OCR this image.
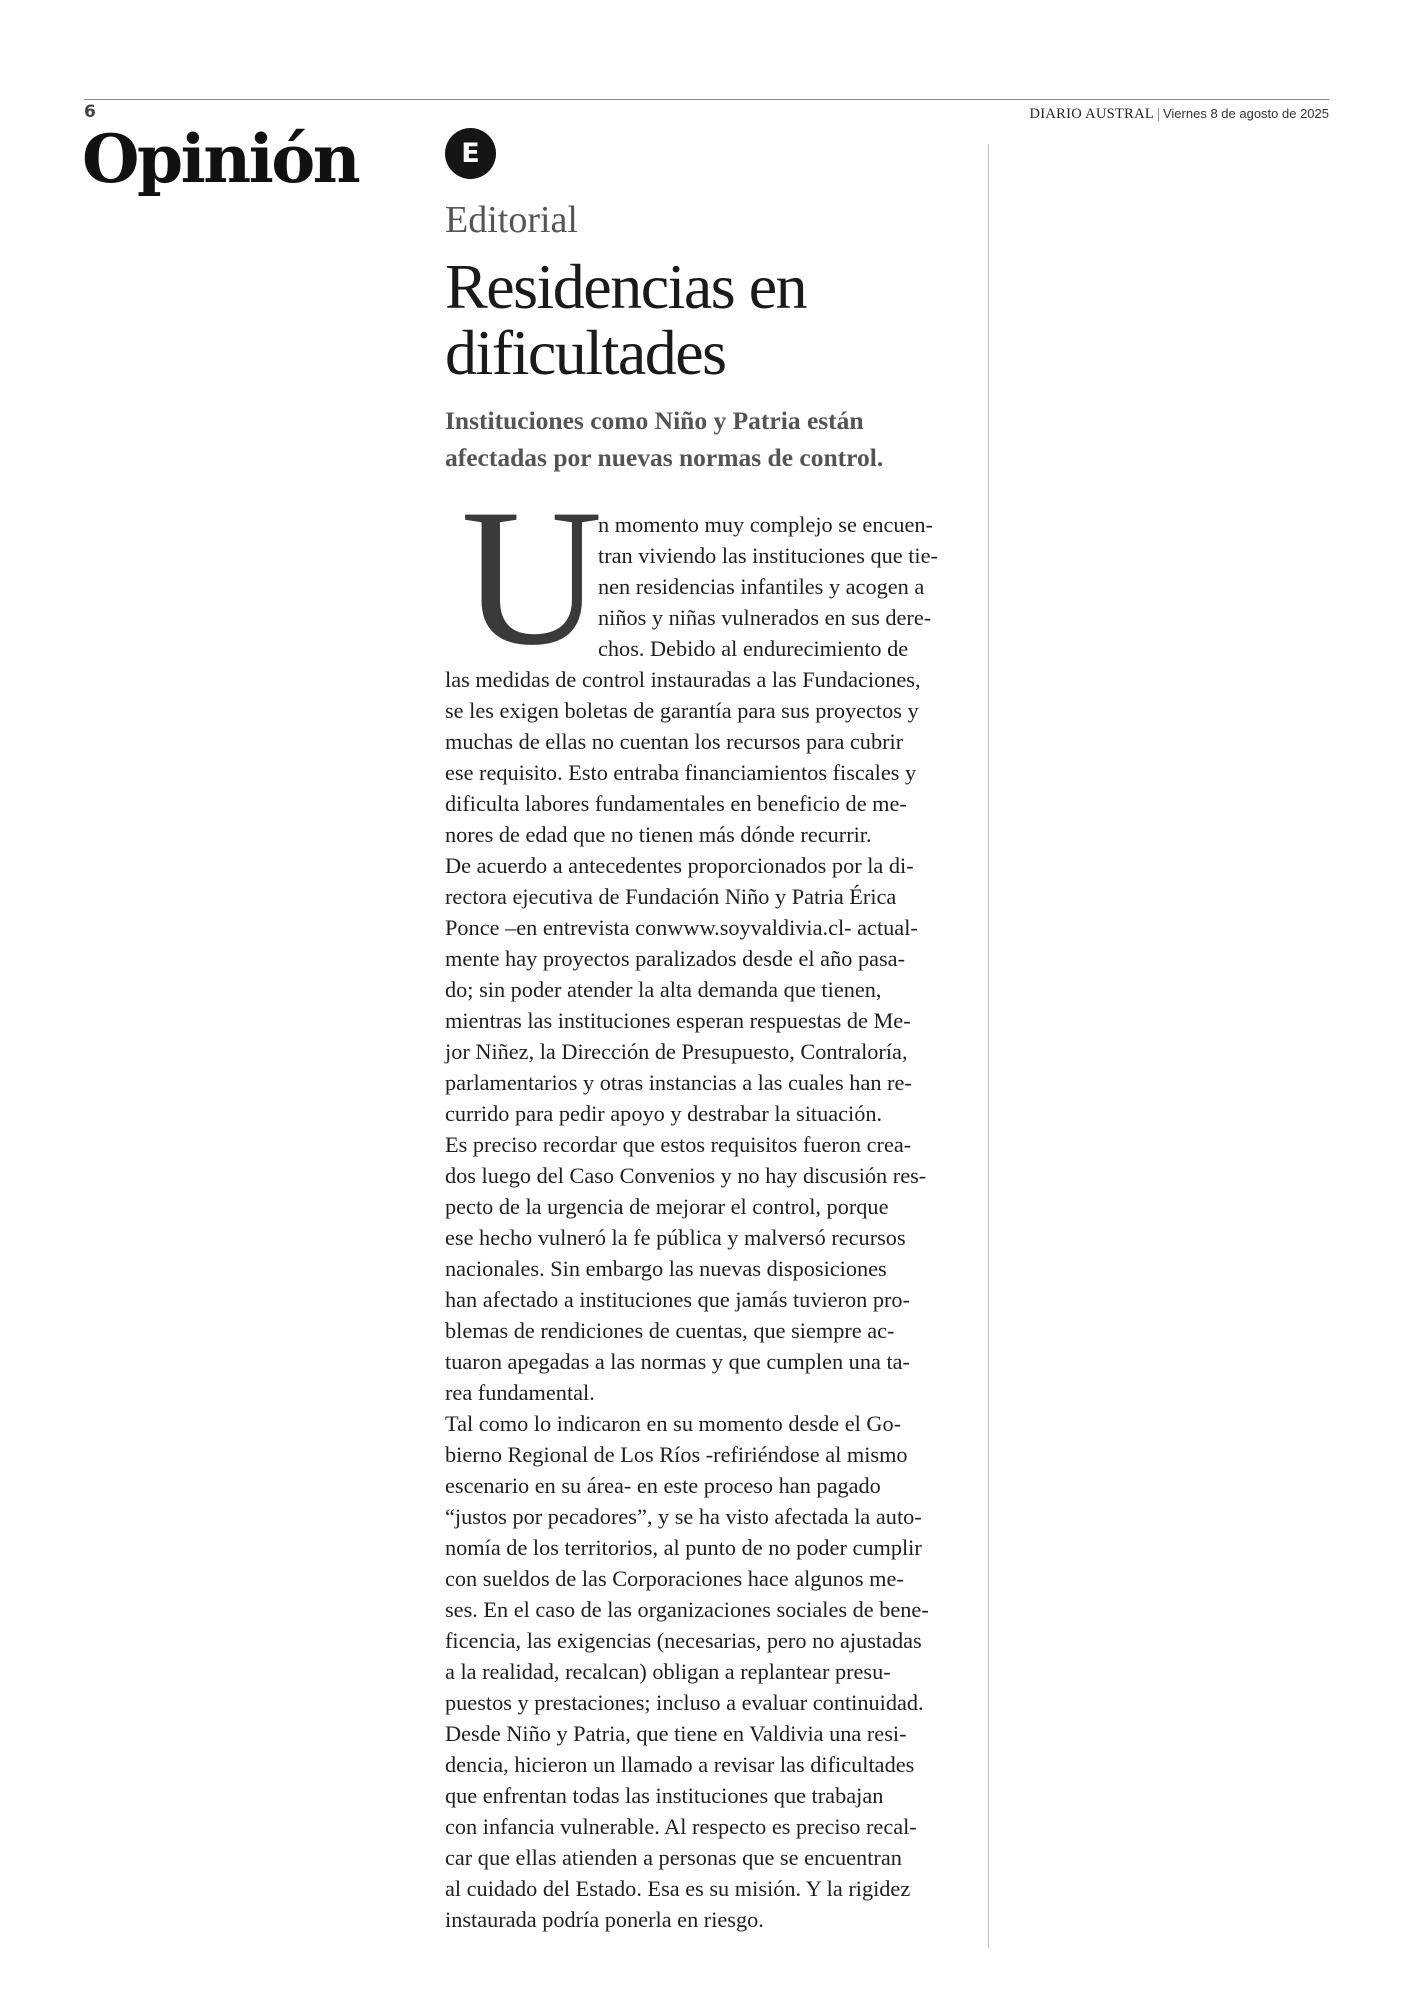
6	DIARIO AUSTRAL | Viernes 8 de agosto de 2025
Opinión	E
Editorial
Residencias en
dificultades
Instituciones como Niño y Patria están
afectadas por nuevas normas de control.
U
n momento muy complejo se encuen-
tran viviendo las instituciones que tie-
nen residencias infantiles y acogen a
niños y niñas vulnerados en sus dere-
chos. Debido al endurecimiento de
las medidas de control instauradas a las Fundaciones,
se les exigen boletas de garantía para sus proyectos y
muchas de ellas no cuentan los recursos para cubrir
ese requisito. Esto entraba financiamientos fiscales y
dificulta labores fundamentales en beneficio de me-
nores de edad que no tienen más dónde recurrir.
De acuerdo a antecedentes proporcionados por la di-
rectora ejecutiva de Fundación Niño y Patria Érica
Ponce –en entrevista conwww.soyvaldivia.cl- actual-
mente hay proyectos paralizados desde el año pasa-
do; sin poder atender la alta demanda que tienen,
mientras las instituciones esperan respuestas de Me-
jor Niñez, la Dirección de Presupuesto, Contraloría,
parlamentarios y otras instancias a las cuales han re-
currido para pedir apoyo y destrabar la situación.
Es preciso recordar que estos requisitos fueron crea-
dos luego del Caso Convenios y no hay discusión res-
pecto de la urgencia de mejorar el control, porque
ese hecho vulneró la fe pública y malversó recursos
nacionales. Sin embargo las nuevas disposiciones
han afectado a instituciones que jamás tuvieron pro-
blemas de rendiciones de cuentas, que siempre ac-
tuaron apegadas a las normas y que cumplen una ta-
rea fundamental.
Tal como lo indicaron en su momento desde el Go-
bierno Regional de Los Ríos -refiriéndose al mismo
escenario en su área- en este proceso han pagado
“justos por pecadores”, y se ha visto afectada la auto-
nomía de los territorios, al punto de no poder cumplir
con sueldos de las Corporaciones hace algunos me-
ses. En el caso de las organizaciones sociales de bene-
ficencia, las exigencias (necesarias, pero no ajustadas
a la realidad, recalcan) obligan a replantear presu-
puestos y prestaciones; incluso a evaluar continuidad.
Desde Niño y Patria, que tiene en Valdivia una resi-
dencia, hicieron un llamado a revisar las dificultades
que enfrentan todas las instituciones que trabajan
con infancia vulnerable. Al respecto es preciso recal-
car que ellas atienden a personas que se encuentran
al cuidado del Estado. Esa es su misión. Y la rigidez
instaurada podría ponerla en riesgo.
